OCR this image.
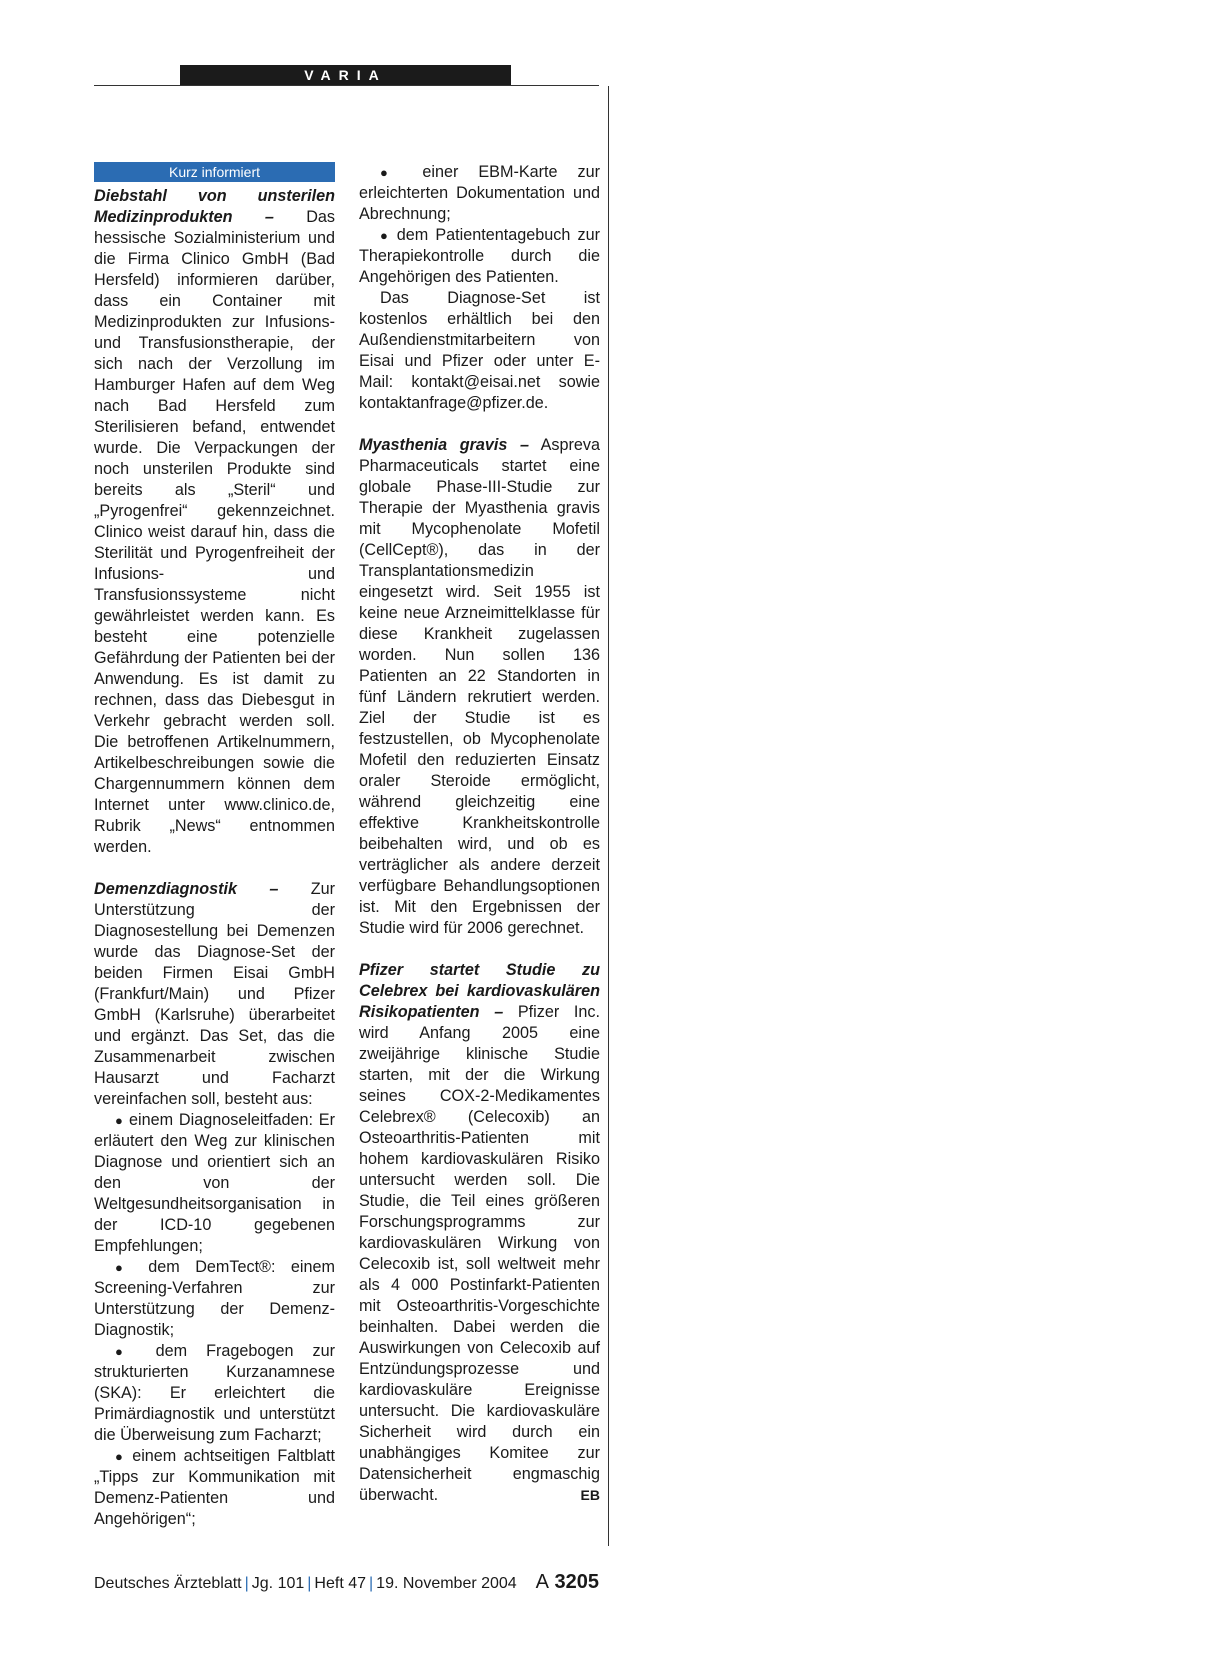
VARIA
Kurz informiert

Diebstahl von unsterilen Medizinprodukten – Das hessische Sozialministerium und die Firma Clinico GmbH (Bad Hersfeld) informieren darüber, dass ein Container mit Medizinprodukten zur Infusions- und Transfusionstherapie, der sich nach der Verzollung im Hamburger Hafen auf dem Weg nach Bad Hersfeld zum Sterilisieren befand, entwendet wurde. Die Verpackungen der noch unsterilen Produkte sind bereits als „Steril“ und „Pyrogenfrei“ gekennzeichnet. Clinico weist darauf hin, dass die Sterilität und Pyrogenfreiheit der Infusions- und Transfusionssysteme nicht gewährleistet werden kann. Es besteht eine potenzielle Gefährdung der Patienten bei der Anwendung. Es ist damit zu rechnen, dass das Diebesgut in Verkehr gebracht werden soll. Die betroffenen Artikelnummern, Artikelbeschreibungen sowie die Chargennummern können dem Internet unter www.clinico.de, Rubrik „News“ entnommen werden.

Demenzdiagnostik – Zur Unterstützung der Diagnosestellung bei Demenzen wurde das Diagnose-Set der beiden Firmen Eisai GmbH (Frankfurt/Main) und Pfizer GmbH (Karlsruhe) überarbeitet und ergänzt. Das Set, das die Zusammenarbeit zwischen Hausarzt und Facharzt vereinfachen soll, besteht aus:

● einem Diagnoseleitfaden: Er erläutert den Weg zur klinischen Diagnose und orientiert sich an den von der Weltgesundheitsorganisation in der ICD-10 gegebenen Empfehlungen;

● dem DemTect®: einem Screening-Verfahren zur Unterstützung der Demenz-Diagnostik;

● dem Fragebogen zur strukturierten Kurzanamnese (SKA): Er erleichtert die Primärdiagnostik und unterstützt die Überweisung zum Facharzt;

● einem achtseitigen Faltblatt „Tipps zur Kommunikation mit Demenz-Patienten und Angehörigen“;

● einer EBM-Karte zur erleichterten Dokumentation und Abrechnung;

● dem Patiententagebuch zur Therapiekontrolle durch die Angehörigen des Patienten.

Das Diagnose-Set ist kostenlos erhältlich bei den Außendienstmitarbeitern von Eisai und Pfizer oder unter E-Mail: kontakt@eisai.net sowie kontaktanfrage@pfizer.de.

Myasthenia gravis – Aspreva Pharmaceuticals startet eine globale Phase-III-Studie zur Therapie der Myasthenia gravis mit Mycophenolate Mofetil (CellCept®), das in der Transplantationsmedizin eingesetzt wird. Seit 1955 ist keine neue Arzneimittelklasse für diese Krankheit zugelassen worden. Nun sollen 136 Patienten an 22 Standorten in fünf Ländern rekrutiert werden. Ziel der Studie ist es festzustellen, ob Mycophenolate Mofetil den reduzierten Einsatz oraler Steroide ermöglicht, während gleichzeitig eine effektive Krankheitskontrolle beibehalten wird, und ob es verträglicher als andere derzeit verfügbare Behandlungsoptionen ist. Mit den Ergebnissen der Studie wird für 2006 gerechnet.

Pfizer startet Studie zu Celebrex bei kardiovaskulären Risikopatienten – Pfizer Inc. wird Anfang 2005 eine zweijährige klinische Studie starten, mit der die Wirkung seines COX-2-Medikamentes Celebrex® (Celecoxib) an Osteoarthritis-Patienten mit hohem kardiovaskulären Risiko untersucht werden soll. Die Studie, die Teil eines größeren Forschungsprogramms zur kardiovaskulären Wirkung von Celecoxib ist, soll weltweit mehr als 4 000 Postinfarkt-Patienten mit Osteoarthritis-Vorgeschichte beinhalten. Dabei werden die Auswirkungen von Celecoxib auf Entzündungsprozesse und kardiovaskuläre Ereignisse untersucht. Die kardiovaskuläre Sicherheit wird durch ein unabhängiges Komitee zur Datensicherheit engmaschig überwacht.	EB

Deutsches Ärzteblatt | Jg. 101 | Heft 47 | 19. November 2004 A 3205
